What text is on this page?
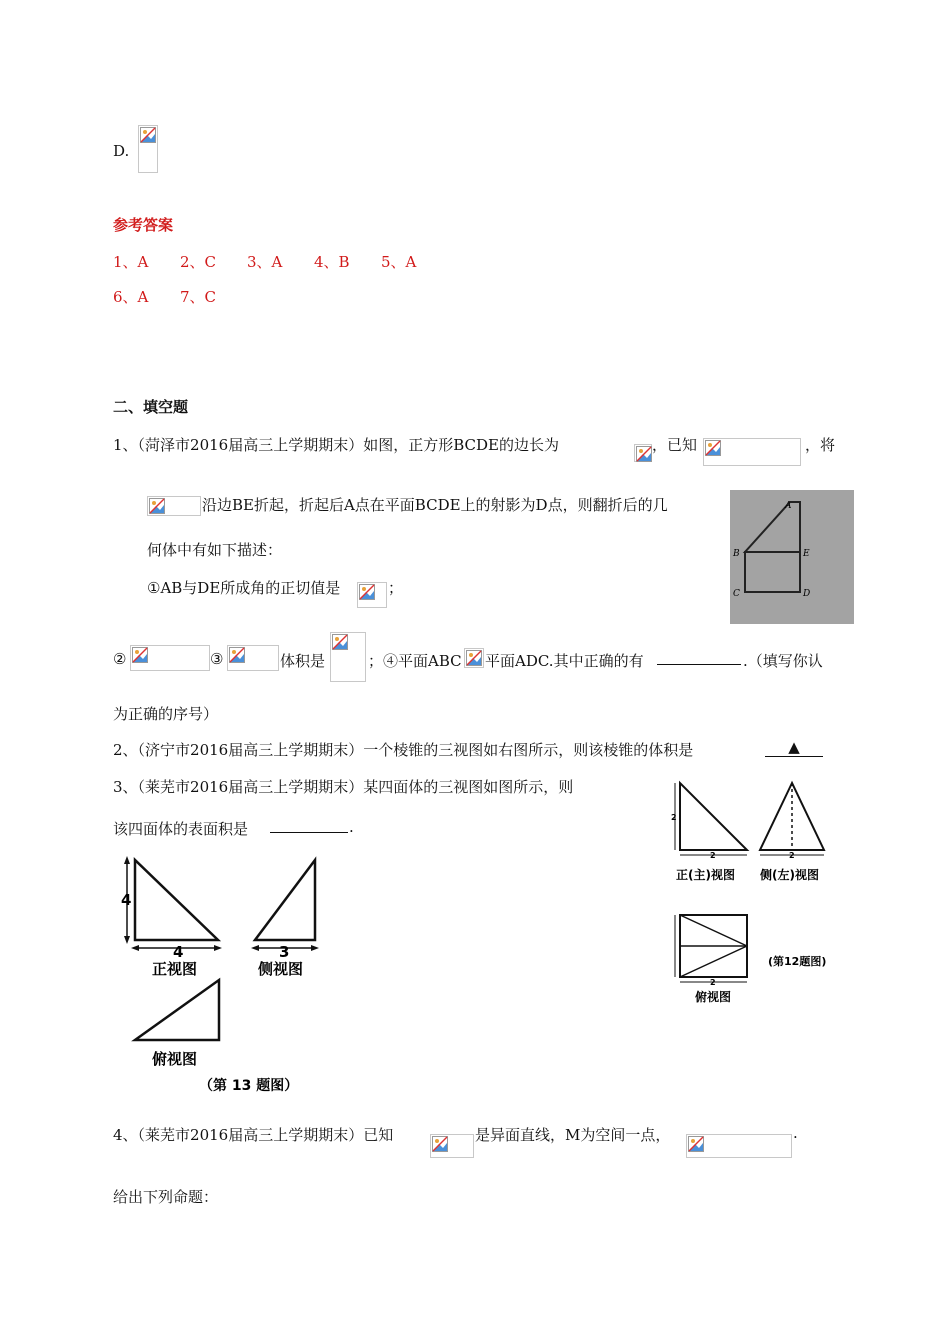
D.
参考答案
1、A 2、C 3、A 4、B 5、A
6、A 7、C
二、填空题
1、（菏泽市2016届高三上学期期末）如图，正方形BCDE的边长为	，已知	，将
沿边BE折起，折起后A点在平面BCDE上的射影为D点，则翻折后的几
何体中有如下描述：
①AB与DE所成角的正切值是	；
A
B	E
C	D
②	③	体积是	；④平面ABC 平面ADC.其中正确的有	.（填写你认
为正确的序号）
2、（济宁市2016届高三上学期期末）一个棱锥的三视图如右图所示，则该棱锥的体积是	▲
3、（莱芜市2016届高三上学期期末）某四面体的三视图如图所示，则
该四面体的表面积是	.
4
4
正视图
3
侧视图
俯视图
（第 13 题图）
2
2
正(主)视图
2
侧(左)视图
2
俯视图
(第12题图)
4、（莱芜市2016届高三上学期期末）已知	是异面直线，M为空间一点，	.
给出下列命题：
